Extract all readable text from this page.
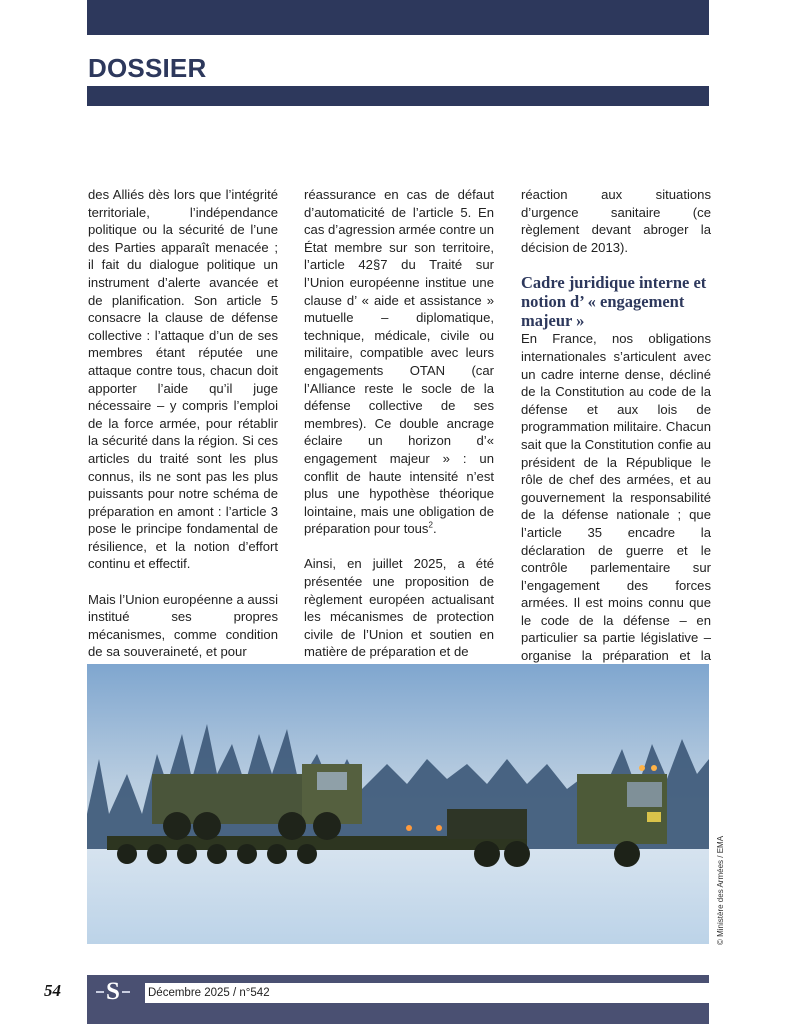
DOSSIER

des Alliés dès lors que l’intégrité territoriale, l’indépendance politique ou la sécurité de l’une des Parties apparaît menacée ; il fait du dialogue politique un instrument d’alerte avancée et de planification. Son article 5 consacre la clause de défense collective : l’attaque d’un de ses membres étant réputée une attaque contre tous, chacun doit apporter l’aide qu’il juge nécessaire – y compris l’emploi de la force armée, pour rétablir la sécurité dans la région. Si ces articles du traité sont les plus connus, ils ne sont pas les plus puissants pour notre schéma de préparation en amont : l’article 3 pose le principe fondamental de résilience, et la notion d’effort continu et effectif.

Mais l’Union européenne a aussi institué ses propres mécanismes, comme condition de sa souveraineté, et pour

réassurance en cas de défaut d’automaticité de l’article 5. En cas d’agression armée contre un État membre sur son territoire, l’article 42§7 du Traité sur l’Union européenne institue une clause d’ « aide et assistance » mutuelle – diplomatique, technique, médicale, civile ou militaire, compatible avec leurs engagements OTAN (car l’Alliance reste le socle de la défense collective de ses membres). Ce double ancrage éclaire un horizon d’« engagement majeur » : un conflit de haute intensité n’est plus une hypothèse théorique lointaine, mais une obligation de préparation pour tous$^2$.

Ainsi, en juillet 2025, a été présentée une proposition de règlement européen actualisant les mécanismes de protection civile de l’Union et soutien en matière de préparation et de

réaction aux situations d’urgence sanitaire (ce règlement devant abroger la décision de 2013).

Cadre juridique interne et notion d’ « engagement majeur »

En France, nos obligations internationales s’articulent avec un cadre interne dense, décliné de la Constitution au code de la défense et aux lois de programmation militaire. Chacun sait que la Constitution confie au président de la République le rôle de chef des armées, et au gouvernement la responsabilité de la défense nationale ; que l’article 35 encadre la déclaration de guerre et le contrôle parlementaire sur l’engagement des forces armées. Il est moins connu que le code de la défense – en particulier sa partie législative – organise la préparation et la

© Ministère des Armées / EMA
54 S Décembre 2025 / n°542
